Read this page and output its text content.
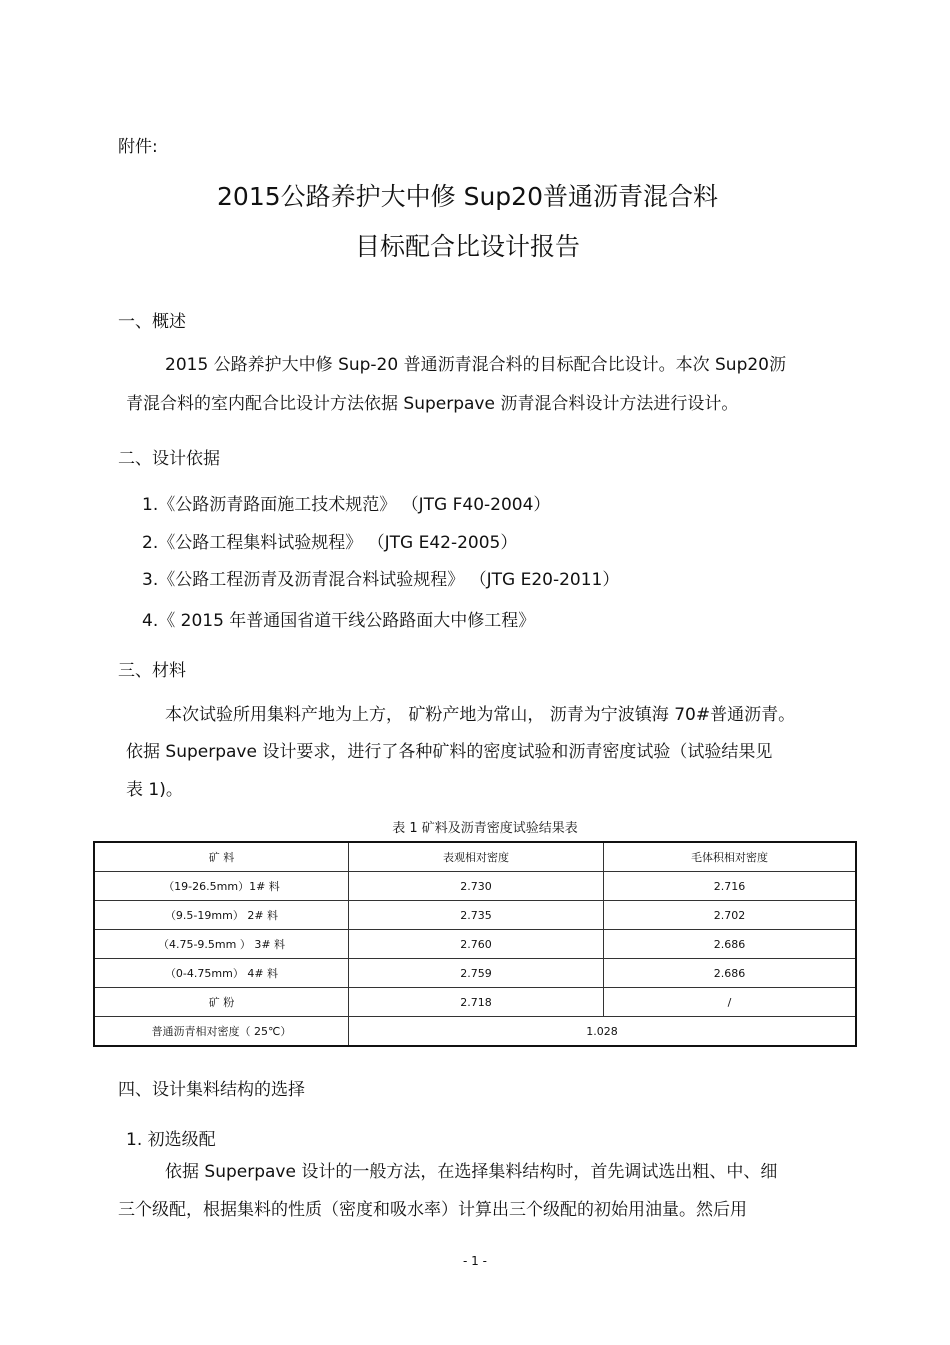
附件:
2015公路养护大中修 Sup20普通沥青混合料
目标配合比设计报告
一、概述
2015 公路养护大中修 Sup-20 普通沥青混合料的目标配合比设计。本次 Sup20沥
青混合料的室内配合比设计方法依据 Superpave 沥青混合料设计方法进行设计。
二、设计依据
1.《公路沥青路面施工技术规范》 （JTG F40-2004）
2.《公路工程集料试验规程》 （JTG E42-2005）
3.《公路工程沥青及沥青混合料试验规程》 （JTG E20-2011）
4.《 2015 年普通国省道干线公路路面大中修工程》
三、材料
本次试验所用集料产地为上方， 矿粉产地为常山， 沥青为宁波镇海 70#普通沥青。
依据 Superpave 设计要求，进行了各种矿料的密度试验和沥青密度试验（试验结果见
表 1)。
表 1 矿料及沥青密度试验结果表
矿 料	表观相对密度	毛体积相对密度
（19-26.5mm）1# 料	2.730	2.716
（9.5-19mm） 2# 料	2.735	2.702
（4.75-9.5mm ） 3# 料	2.760	2.686
（0-4.75mm） 4# 料	2.759	2.686
矿 粉	2.718	/
普通沥青相对密度（ 25℃）	1.028	
四、设计集料结构的选择
1. 初选级配
依据 Superpave 设计的一般方法，在选择集料结构时，首先调试选出粗、中、细
三个级配，根据集料的性质（密度和吸水率）计算出三个级配的初始用油量。然后用
- 1 -
